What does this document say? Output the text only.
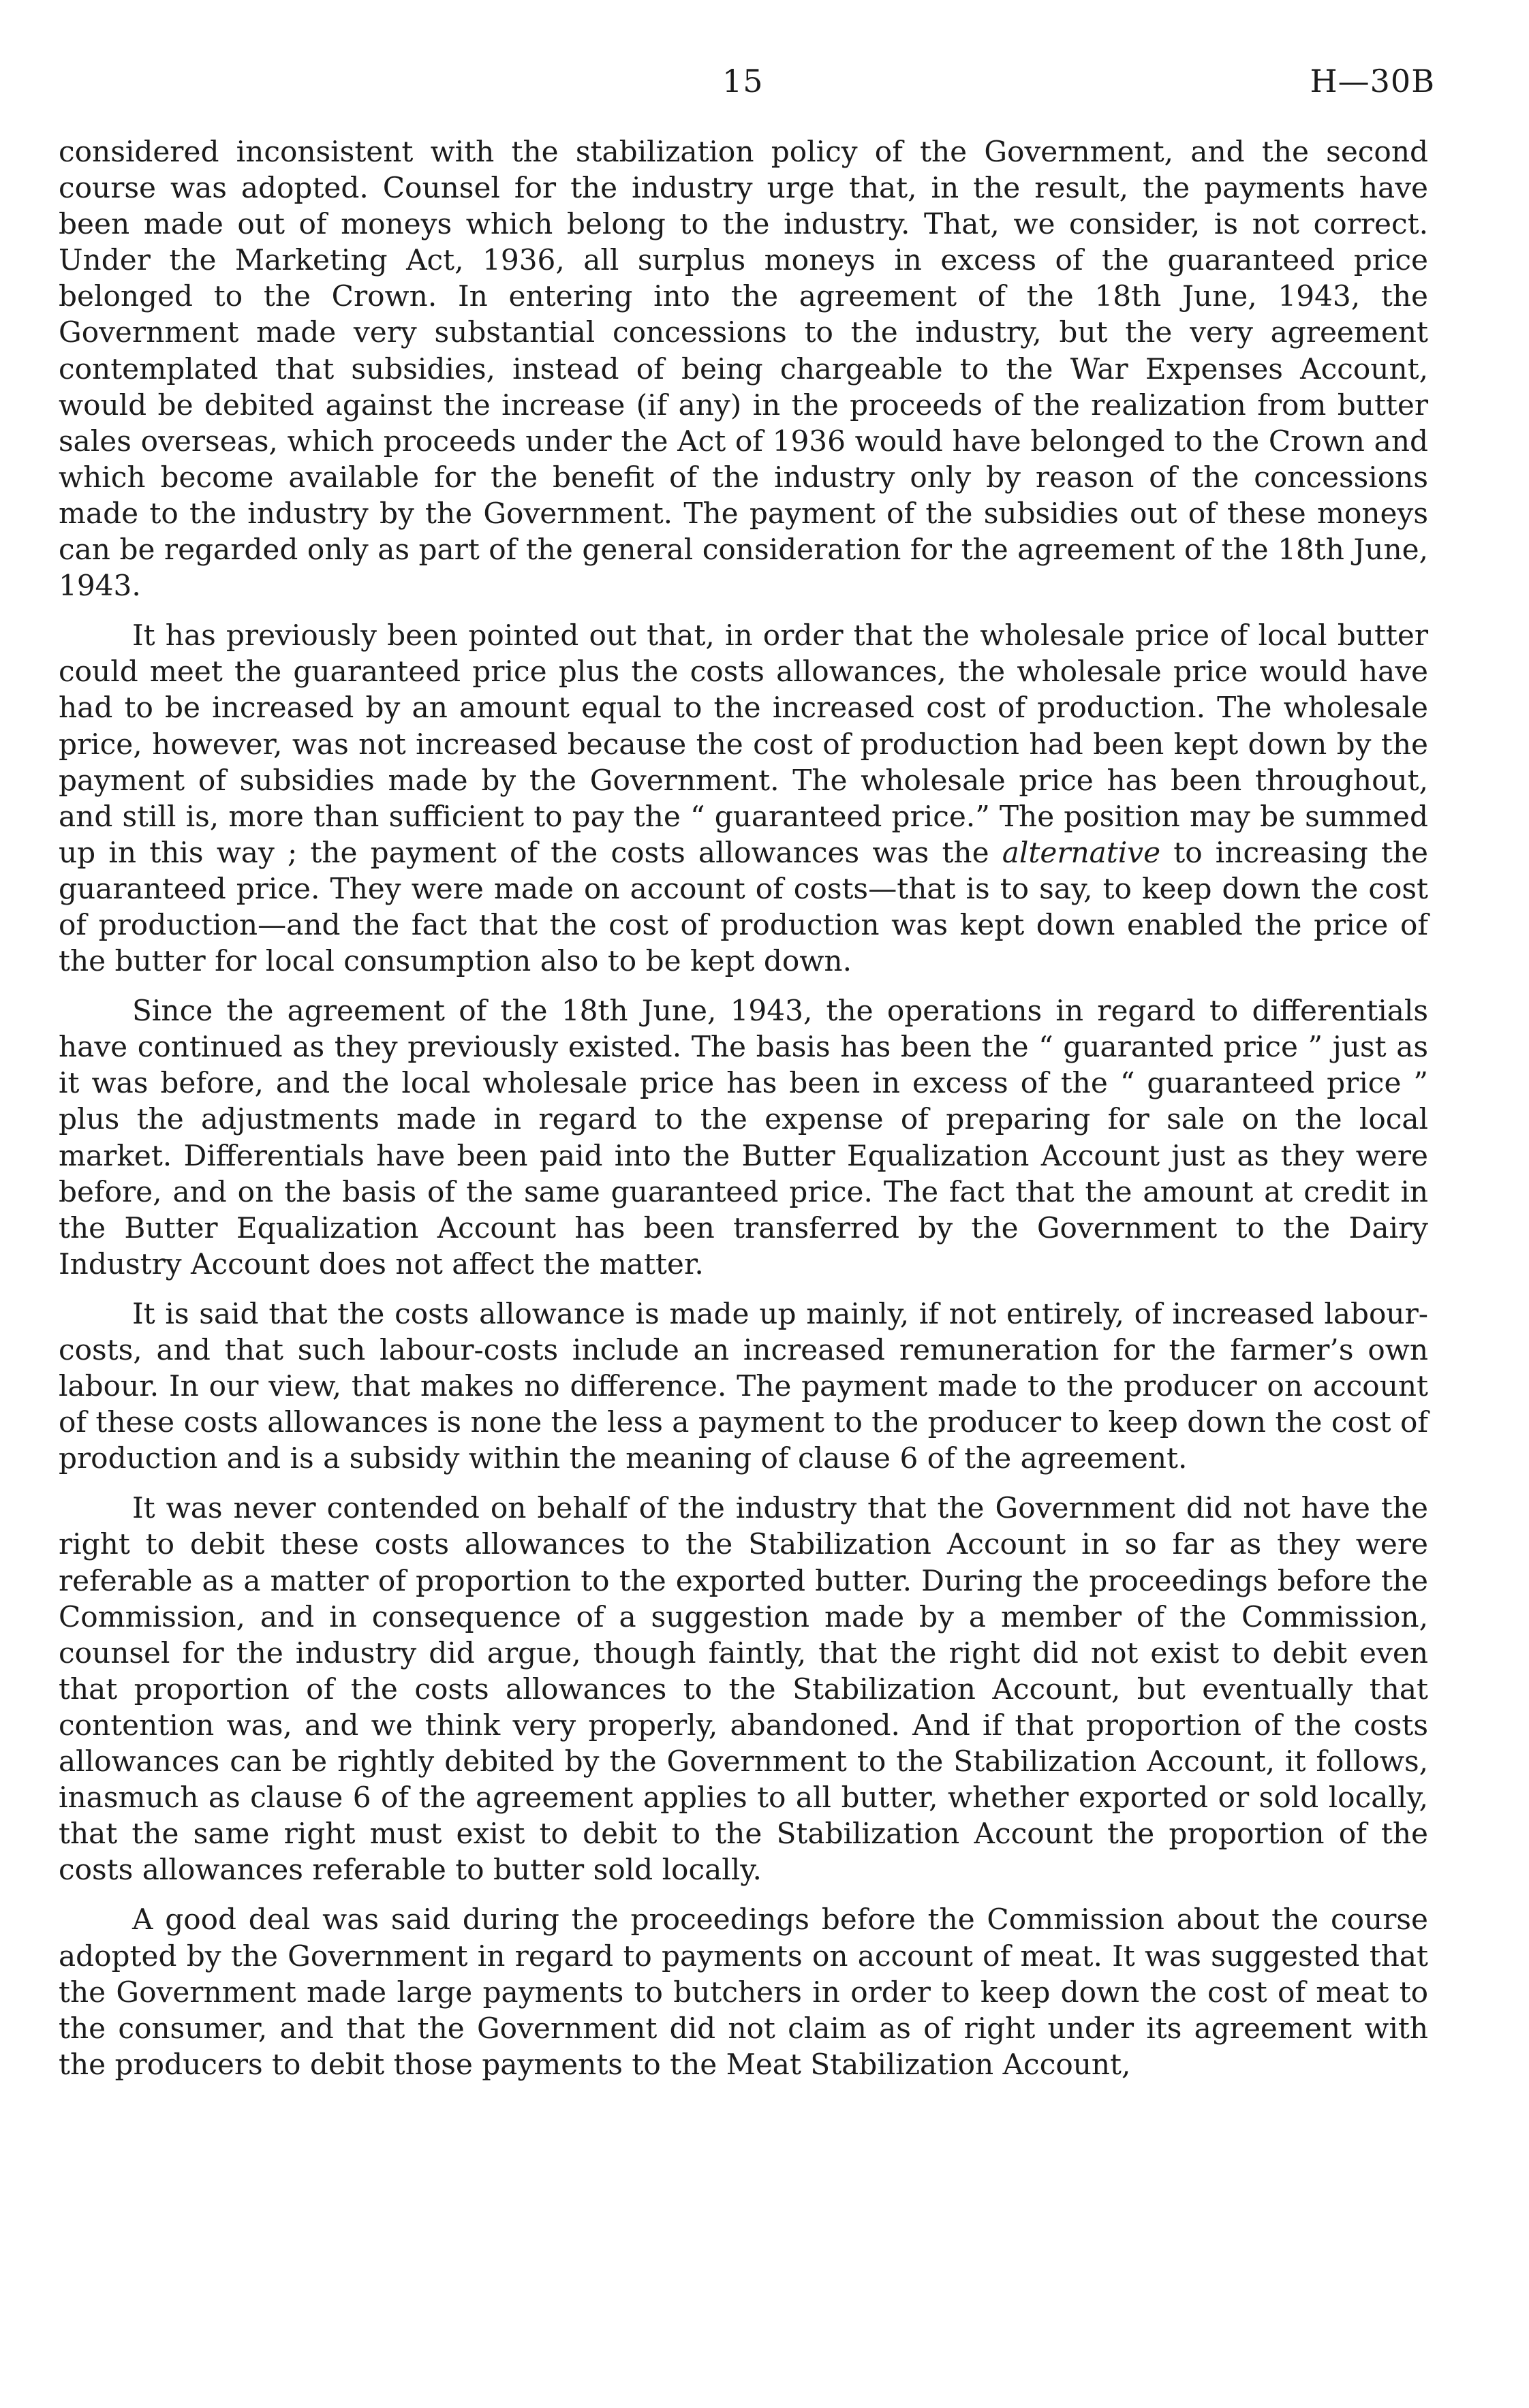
15	H—30B

considered inconsistent with the stabilization policy of the Government, and the second course was adopted. Counsel for the industry urge that, in the result, the payments have been made out of moneys which belong to the industry. That, we consider, is not correct. Under the Marketing Act, 1936, all surplus moneys in excess of the guaranteed price belonged to the Crown. In entering into the agreement of the 18th June, 1943, the Government made very substantial concessions to the industry, but the very agreement contemplated that subsidies, instead of being chargeable to the War Expenses Account, would be debited against the increase (if any) in the proceeds of the realization from butter sales overseas, which proceeds under the Act of 1936 would have belonged to the Crown and which become available for the benefit of the industry only by reason of the concessions made to the industry by the Government. The payment of the subsidies out of these moneys can be regarded only as part of the general consideration for the agreement of the 18th June, 1943.

It has previously been pointed out that, in order that the wholesale price of local butter could meet the guaranteed price plus the costs allowances, the wholesale price would have had to be increased by an amount equal to the increased cost of production. The wholesale price, however, was not increased because the cost of production had been kept down by the payment of subsidies made by the Government. The wholesale price has been throughout, and still is, more than sufficient to pay the “ guaranteed price.” The position may be summed up in this way ; the payment of the costs allowances was the alternative to increasing the guaranteed price. They were made on account of costs—that is to say, to keep down the cost of production—and the fact that the cost of production was kept down enabled the price of the butter for local consumption also to be kept down.

Since the agreement of the 18th June, 1943, the operations in regard to differentials have continued as they previously existed. The basis has been the “ guaranted price ” just as it was before, and the local wholesale price has been in excess of the “ guaranteed price ” plus the adjustments made in regard to the expense of preparing for sale on the local market. Differentials have been paid into the Butter Equalization Account just as they were before, and on the basis of the same guaranteed price. The fact that the amount at credit in the Butter Equalization Account has been transferred by the Government to the Dairy Industry Account does not affect the matter.

It is said that the costs allowance is made up mainly, if not entirely, of increased labour-costs, and that such labour-costs include an increased remuneration for the farmer’s own labour. In our view, that makes no difference. The payment made to the producer on account of these costs allowances is none the less a payment to the producer to keep down the cost of production and is a subsidy within the meaning of clause 6 of the agreement.

It was never contended on behalf of the industry that the Government did not have the right to debit these costs allowances to the Stabilization Account in so far as they were referable as a matter of proportion to the exported butter. During the proceedings before the Commission, and in consequence of a suggestion made by a member of the Commission, counsel for the industry did argue, though faintly, that the right did not exist to debit even that proportion of the costs allowances to the Stabilization Account, but eventually that contention was, and we think very properly, abandoned. And if that proportion of the costs allowances can be rightly debited by the Government to the Stabilization Account, it follows, inasmuch as clause 6 of the agreement applies to all butter, whether exported or sold locally, that the same right must exist to debit to the Stabilization Account the proportion of the costs allowances referable to butter sold locally.

A good deal was said during the proceedings before the Commission about the course adopted by the Government in regard to payments on account of meat. It was suggested that the Government made large payments to butchers in order to keep down the cost of meat to the consumer, and that the Government did not claim as of right under its agreement with the producers to debit those payments to the Meat Stabilization Account,
